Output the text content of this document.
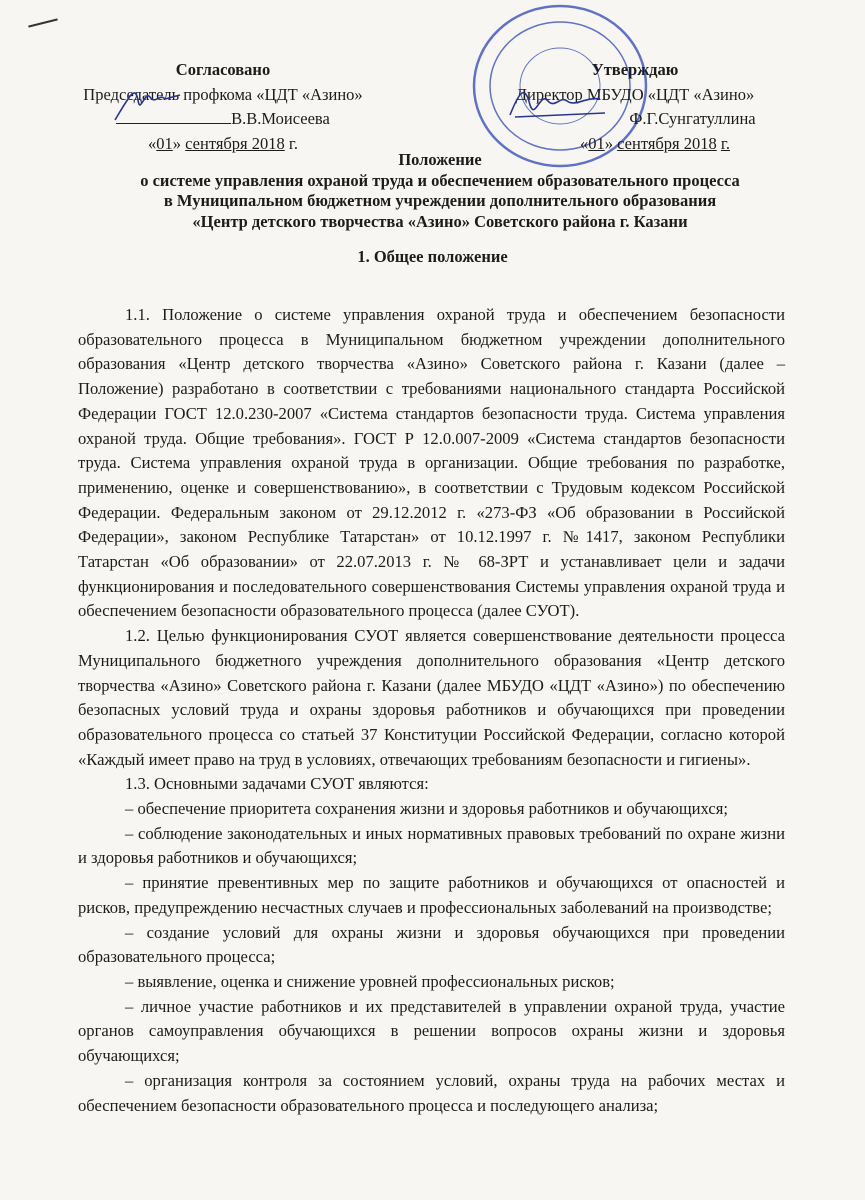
Согласовано
Председатель профкома «ЦДТ «Азино»
В.В.Моисеева
«01» сентября 2018 г.
Утверждаю
Директор МБУДО «ЦДТ «Азино»
Ф.Г.Сунгатуллина
«01» сентября 2018 г.
Положение
о системе управления охраной труда и обеспечением образовательного процесса
в Муниципальном бюджетном учреждении дополнительного образования
«Центр детского творчества «Азино» Советского района г. Казани
1. Общее положение

1.1. Положение о системе управления охраной труда и обеспечением безопасности образовательного процесса в Муниципальном бюджетном учреждении дополнительного образования «Центр детского творчества «Азино» Советского района г. Казани (далее – Положение) разработано в соответствии с требованиями национального стандарта Российской Федерации ГОСТ 12.0.230-2007 «Система стандартов безопасности труда. Система управления охраной труда. Общие требования». ГОСТ Р 12.0.007-2009 «Система стандартов безопасности труда. Система управления охраной труда в организации. Общие требования по разработке, применению, оценке и совершенствованию», в соответствии с Трудовым кодексом Российской Федерации. Федеральным законом от 29.12.2012 г. «273-ФЗ «Об образовании в Российской Федерации», законом Республике Татарстан» от 10.12.1997 г. №1417, законом Республики Татарстан «Об образовании» от 22.07.2013 г. № 68-ЗРТ и устанавливает цели и задачи функционирования и последовательного совершенствования Системы управления охраной труда и обеспечением безопасности образовательного процесса (далее СУОТ).

1.2. Целью функционирования СУОТ является совершенствование деятельности процесса Муниципального бюджетного учреждения дополнительного образования «Центр детского творчества «Азино» Советского района г. Казани (далее МБУДО «ЦДТ «Азино») по обеспечению безопасных условий труда и охраны здоровья работников и обучающихся при проведении образовательного процесса со статьей 37 Конституции Российской Федерации, согласно которой «Каждый имеет право на труд в условиях, отвечающих требованиям безопасности и гигиены».

1.3. Основными задачами СУОТ являются:

– обеспечение приоритета сохранения жизни и здоровья работников и обучающихся;

– соблюдение законодательных и иных нормативных правовых требований по охране жизни и здоровья работников и обучающихся;

– принятие превентивных мер по защите работников и обучающихся от опасностей и рисков, предупреждению несчастных случаев и профессиональных заболеваний на производстве;

– создание условий для охраны жизни и здоровья обучающихся при проведении образовательного процесса;

– выявление, оценка и снижение уровней профессиональных рисков;

– личное участие работников и их представителей в управлении охраной труда, участие органов самоуправления обучающихся в решении вопросов охраны жизни и здоровья обучающихся;

– организация контроля за состоянием условий, охраны труда на рабочих местах и обеспечением безопасности образовательного процесса и последующего анализа;
